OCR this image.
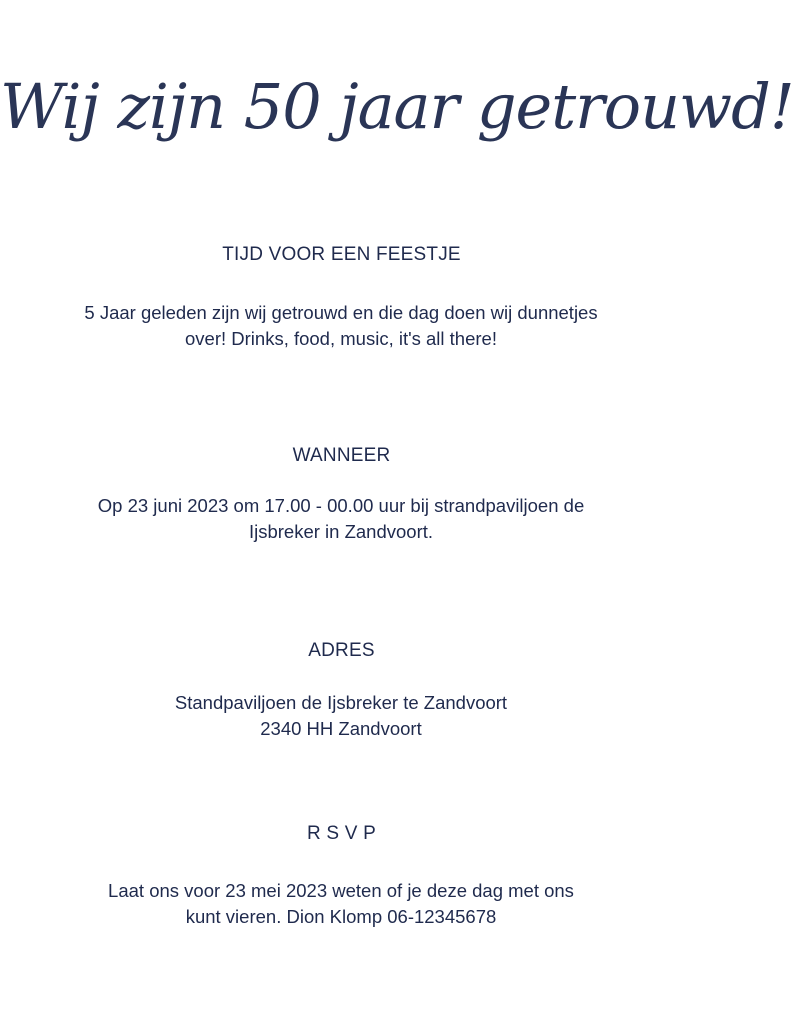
Wij zijn 50 jaar getrouwd!
TIJD VOOR EEN FEESTJE
5 Jaar geleden zijn wij getrouwd en die dag doen wij dunnetjes
over! Drinks, food, music, it's all there!
WANNEER
Op 23 juni 2023 om 17.00 - 00.00 uur bij strandpaviljoen de
Ijsbreker in Zandvoort.
ADRES
Standpaviljoen de Ijsbreker te Zandvoort
2340 HH Zandvoort
R S V P
Laat ons voor 23 mei 2023 weten of je deze dag met ons
kunt vieren. Dion Klomp 06-12345678
